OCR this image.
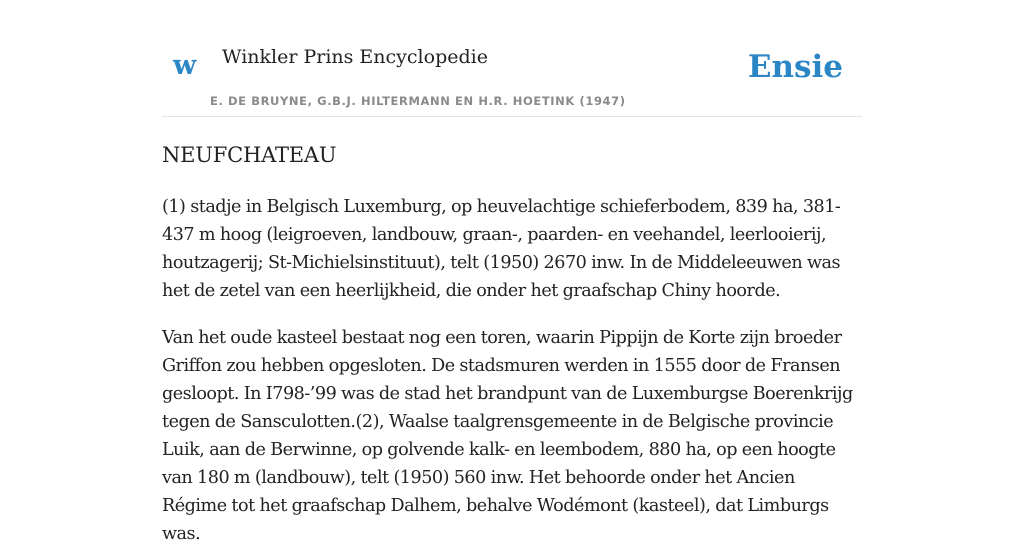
w Winkler Prins Encyclopedie
E. DE BRUYNE, G.B.J. HILTERMANN EN H.R. HOETINK (1947)
Ensie
NEUFCHATEAU

(1) stadje in Belgisch Luxemburg, op heuvelachtige schieferbodem, 839 ha, 381-437 m hoog (leigroeven, landbouw, graan-, paarden- en veehandel, leerlooierij, houtzagerij; St-Michielsinstituut), telt (1950) 2670 inw. In de Middeleeuwen was het de zetel van een heerlijkheid, die onder het graafschap Chiny hoorde.

Van het oude kasteel bestaat nog een toren, waarin Pippijn de Korte zijn broeder Griffon zou hebben opgesloten. De stadsmuren werden in 1555 door de Fransen gesloopt. In I798-’99 was de stad het brandpunt van de Luxemburgse Boerenkrijg tegen de Sansculotten.(2), Waalse taalgrensgemeente in de Belgische provincie Luik, aan de Berwinne, op golvende kalk- en leembodem, 880 ha, op een hoogte van 180 m (landbouw), telt (1950) 560 inw. Het behoorde onder het Ancien Régime tot het graafschap Dalhem, behalve Wodémont (kasteel), dat Limburgs was.
